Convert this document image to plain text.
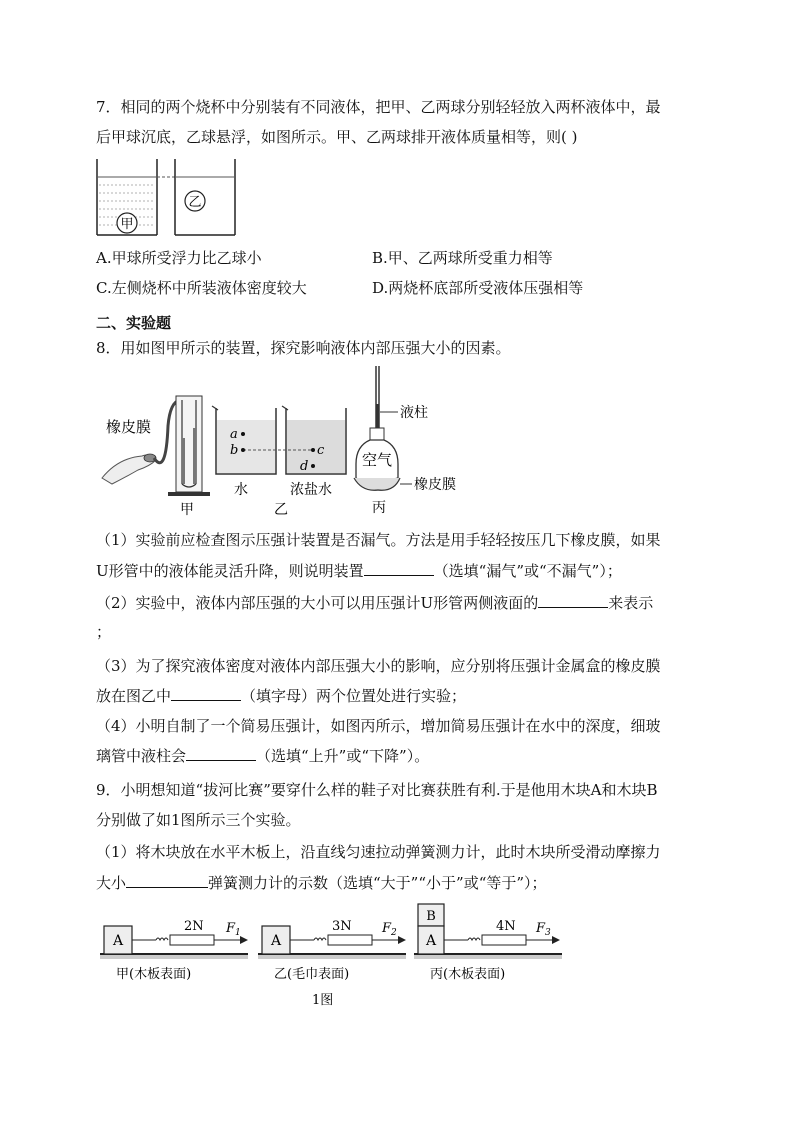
7．相同的两个烧杯中分别装有不同液体，把甲、乙两球分别轻轻放入两杯液体中，最
后甲球沉底，乙球悬浮，如图所示。甲、乙两球排开液体质量相等，则( )
甲
乙
A.甲球所受浮力比乙球小	B.甲、乙两球所受重力相等
C.左侧烧杯中所装液体密度较大	D.两烧杯底部所受液体压强相等
二、实验题
8．用如图甲所示的装置，探究影响液体内部压强大小的因素。
橡皮膜
甲
a
b	c
d
水	浓盐水
乙
液柱
空气
橡皮膜
丙
（1）实验前应检查图示压强计装置是否漏气。方法是用手轻轻按压几下橡皮膜，如果
U形管中的液体能灵活升降，则说明装置	（选填“漏气”或“不漏气”）；
（2）实验中，液体内部压强的大小可以用压强计U形管两侧液面的	来表示
；
（3）为了探究液体密度对液体内部压强大小的影响，应分别将压强计金属盒的橡皮膜
放在图乙中	（填字母）两个位置处进行实验；
（4）小明自制了一个简易压强计，如图丙所示，增加简易压强计在水中的深度，细玻
璃管中液柱会	（选填“上升”或“下降”）。
9．小明想知道“拔河比赛”要穿什么样的鞋子对比赛获胜有利.于是他用木块A和木块B
分别做了如1图所示三个实验。
（1）将木块放在水平木板上，沿直线匀速拉动弹簧测力计，此时木块所受滑动摩擦力
大小	弹簧测力计的示数（选填“大于”“小于”或“等于”）；
A
2N $F_1$
甲(木板表面)
A
3N $F_2$
乙(毛巾表面)
B
A
4N $F_3$
丙(木板表面)
1图
